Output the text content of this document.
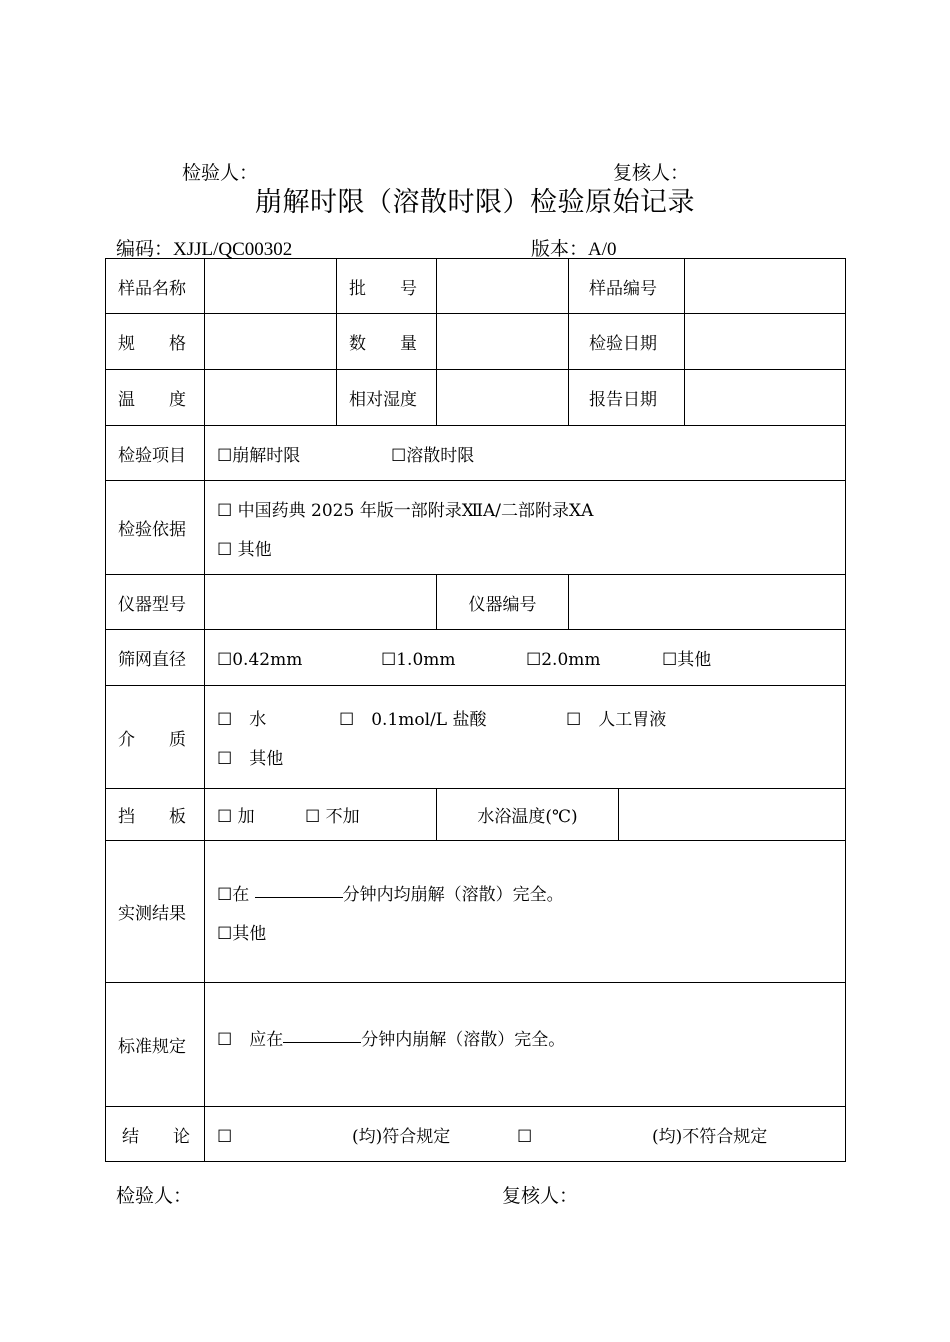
检验人：	复核人：
崩解时限（溶散时限）检验原始记录
编码：XJJL/QC00302	版本：A/0
样品名称		批　　号		样品编号		
规　　格		数　　量		检验日期		
温　　度		相对湿度		报告日期		
检验项目	☐崩解时限 ☐溶散时限					
检验依据	☐ 中国药典 2025 年版一部附录ⅫA/二部附录ⅩA
☐ 其他					

仪器型号			仪器编号			
筛网直径	☐0.42mm ☐1.0mm ☐2.0mm ☐其他					
介　　质	☐　水 ☐　0.1mol/L 盐酸 ☐　人工胃液
☐　其他					

挡　　板	☐ 加 ☐ 不加		水浴温度(℃)			
实测结果	☐在 分钟内均崩解（溶散）完全。
☐其他					

标准规定	☐　应在 分钟内崩解（溶散）完全。					
结　　论	☐ (均)符合规定 ☐ (均)不符合规定					
检验人：	复核人：
